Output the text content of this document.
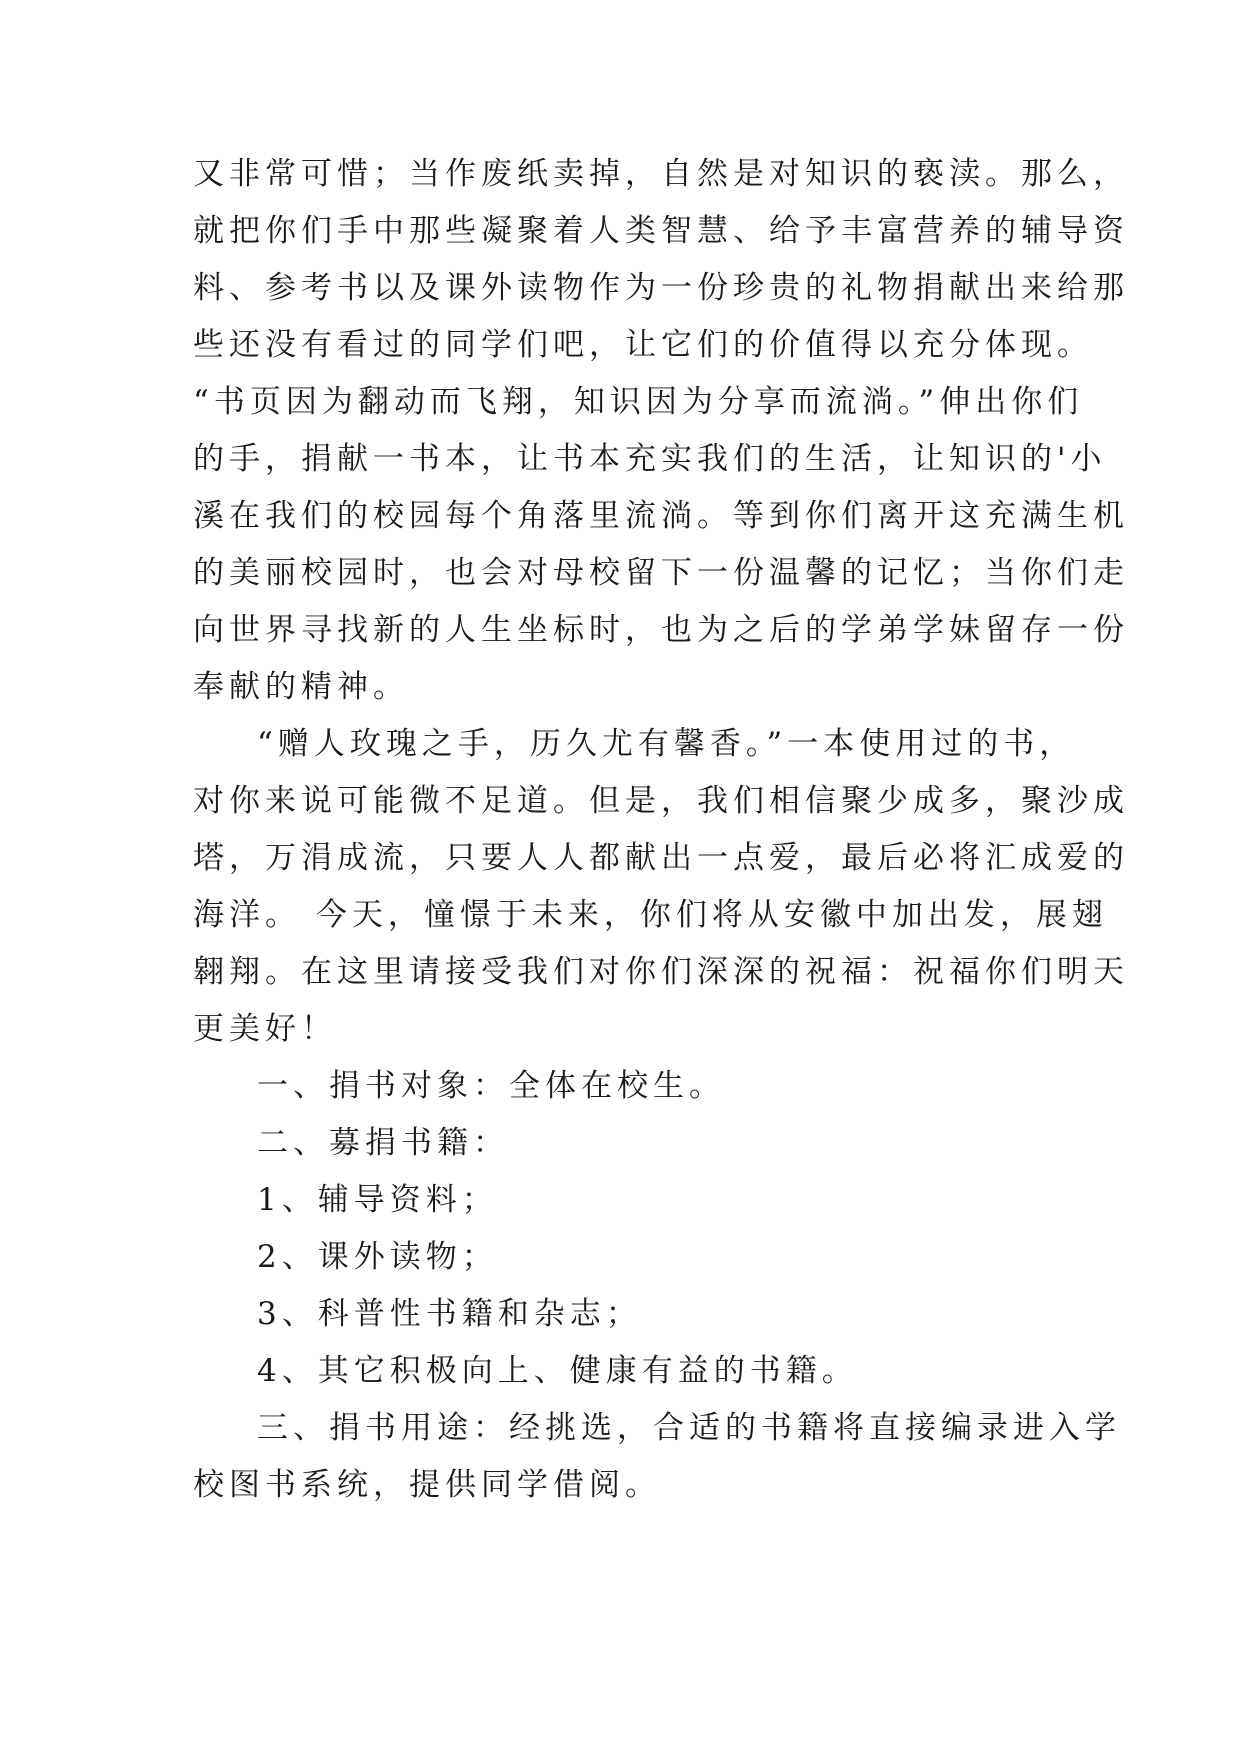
又非常可惜；当作废纸卖掉，自然是对知识的亵渎。那么，
就把你们手中那些凝聚着人类智慧、给予丰富营养的辅导资
料、参考书以及课外读物作为一份珍贵的礼物捐献出来给那
些还没有看过的同学们吧，让它们的价值得以充分体现。
“书页因为翻动而飞翔，知识因为分享而流淌。”伸出你们
的手，捐献一书本，让书本充实我们的生活，让知识的'小
溪在我们的校园每个角落里流淌。等到你们离开这充满生机
的美丽校园时，也会对母校留下一份温馨的记忆；当你们走
向世界寻找新的人生坐标时，也为之后的学弟学妹留存一份
奉献的精神。
“赠人玫瑰之手，历久尤有馨香。”一本使用过的书，
对你来说可能微不足道。但是，我们相信聚少成多，聚沙成
塔，万涓成流，只要人人都献出一点爱，最后必将汇成爱的
海洋。 今天，憧憬于未来，你们将从安徽中加出发，展翅
翱翔。在这里请接受我们对你们深深的祝福：祝福你们明天
更美好！
一、捐书对象：全体在校生。
二、募捐书籍：
1、辅导资料；
2、课外读物；
3、科普性书籍和杂志；
4、其它积极向上、健康有益的书籍。
三、捐书用途：经挑选，合适的书籍将直接编录进入学
校图书系统，提供同学借阅。
